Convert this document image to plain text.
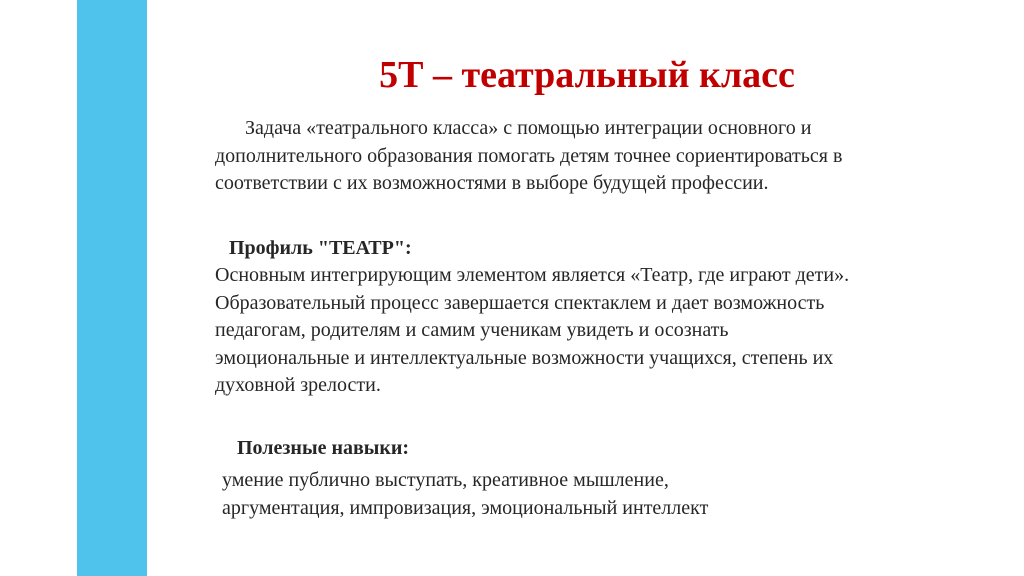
5Т – театральный класс
Задача «театрального класса» с помощью интеграции основного и
дополнительного образования помогать детям точнее сориентироваться в
соответствии с их возможностями в выборе будущей профессии.
Профиль "ТЕАТР":
Основным интегрирующим элементом является «Театр, где играют дети».
Образовательный процесс завершается спектаклем и дает возможность
педагогам, родителям и самим ученикам увидеть и осознать
эмоциональные и интеллектуальные возможности учащихся, степень их
духовной зрелости.
Полезные навыки:
умение публично выступать, креативное мышление,
аргументация, импровизация, эмоциональный интеллект
